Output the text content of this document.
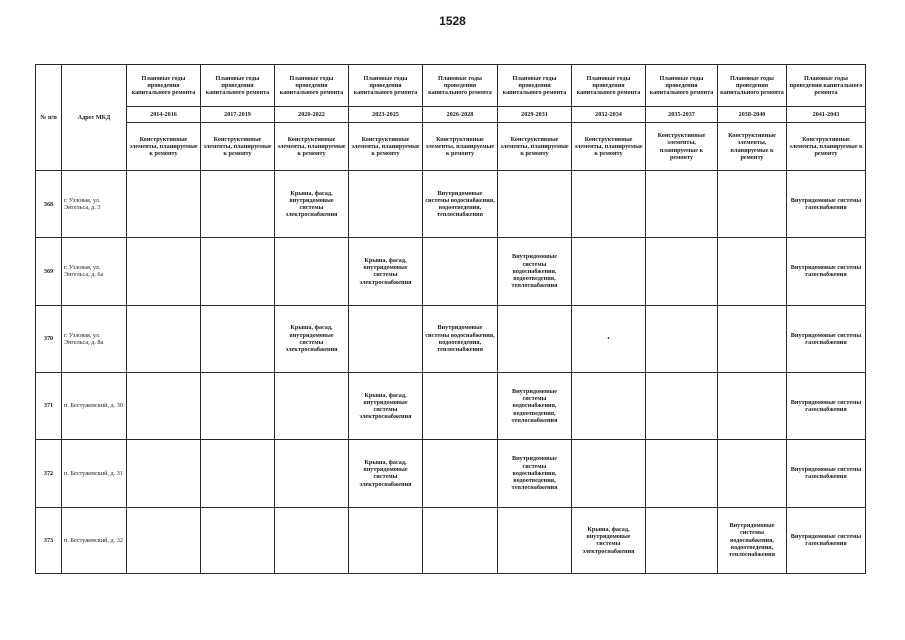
1528
№ п/п	Адрес МКД	Плановые годы проведения капитального ремонта	Плановые годы проведения капитального ремонта	Плановые годы проведения капитального ремонта	Плановые годы проведения капитального ремонта	Плановые годы проведения капитального ремонта	Плановые годы проведения капитального ремонта	Плановые годы проведения капитального ремонта	Плановые годы проведения капитального ремонта	Плановые годы проведения капитального ремонта	Плановые годы проведения капитального ремонта
		2014-2016	2017-2019	2020-2022	2023-2025	2026-2028	2029-2031	2032-2034	2035-2037	2038-2040	2041-2043
		Конструктивные элементы, планируемые к ремонту	Конструктивные элементы, планируемые к ремонту	Конструктивные элементы, планируемые к ремонту	Конструктивные элементы, планируемые к ремонту	Конструктивные элементы, планируемые к ремонту	Конструктивные элементы, планируемые к ремонту	Конструктивные элементы, планируемые к ремонту	Конструктивные элементы, планируемые к ремонту	Конструктивные элементы, планируемые к ремонту	Конструктивные элементы, планируемые к ремонту
368	г. Узловая, ул. Энгельса, д. 3			Крыша, фасад, внутридомовые системы электроснабжения		Внутридомовые системы водоснабжения, водоотведения, теплоснабжения					Внутридомовые системы газоснабжения
369	г. Узловая, ул. Энгельса, д. 6а				Крыша, фасад, внутридомовые системы электроснабжения		Внутридомовые системы водоснабжения, водоотведения, теплоснабжения				Внутридомовые системы газоснабжения
370	г. Узловая, ул. Энгельса, д. 8а			Крыша, фасад, внутридомовые системы электроснабжения		Внутридомовые системы водоснабжения, водоотведения, теплоснабжения		•			Внутридомовые системы газоснабжения
371	п. Бестужевский, д. 30				Крыша, фасад, внутридомовые системы электроснабжения		Внутридомовые системы водоснабжения, водоотведения, теплоснабжения				Внутридомовые системы газоснабжения
372	п. Бестужевский, д. 31				Крыша, фасад, внутридомовые системы электроснабжения		Внутридомовые системы водоснабжения, водоотведения, теплоснабжения				Внутридомовые системы газоснабжения
373	п. Бестужевский, д. 32							Крыша, фасад, внутридомовые системы электроснабжения		Внутридомовые системы водоснабжения, водоотведения, теплоснабжения	Внутридомовые системы газоснабжения
